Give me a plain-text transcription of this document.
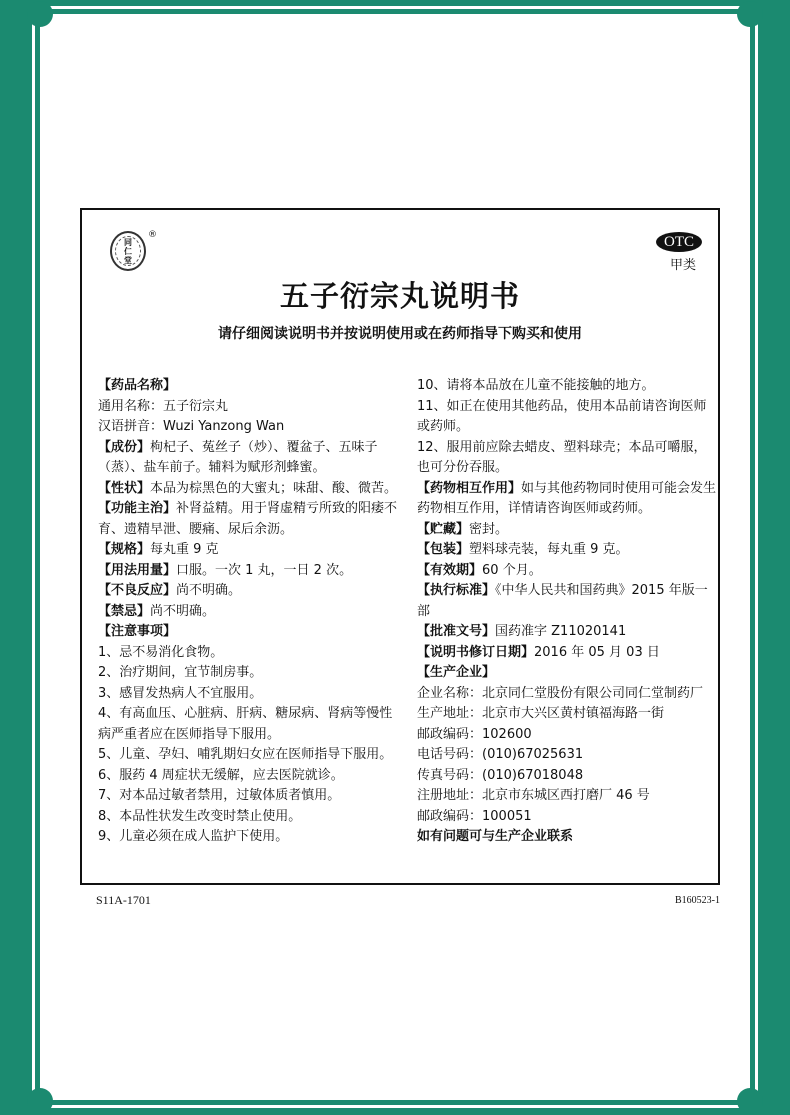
同
仁
堂
®	OTC
甲类
五子衍宗丸说明书
请仔细阅读说明书并按说明使用或在药师指导下购买和使用

【药品名称】

通用名称：五子衍宗丸

汉语拼音：Wuzi Yanzong Wan

【成份】枸杞子、菟丝子（炒）、覆盆子、五味子（蒸）、盐车前子。辅料为赋形剂蜂蜜。

【性状】本品为棕黑色的大蜜丸；味甜、酸、微苦。

【功能主治】补肾益精。用于肾虚精亏所致的阳痿不育、遗精早泄、腰痛、尿后余沥。

【规格】每丸重 9 克

【用法用量】口服。一次 1 丸，一日 2 次。

【不良反应】尚不明确。

【禁忌】尚不明确。

【注意事项】

1、忌不易消化食物。

2、治疗期间，宜节制房事。

3、感冒发热病人不宜服用。

4、有高血压、心脏病、肝病、糖尿病、肾病等慢性病严重者应在医师指导下服用。

5、儿童、孕妇、哺乳期妇女应在医师指导下服用。

6、服药 4 周症状无缓解，应去医院就诊。

7、对本品过敏者禁用，过敏体质者慎用。

8、本品性状发生改变时禁止使用。

9、儿童必须在成人监护下使用。

10、请将本品放在儿童不能接触的地方。

11、如正在使用其他药品，使用本品前请咨询医师或药师。

12、服用前应除去蜡皮、塑料球壳；本品可嚼服，也可分份吞服。

【药物相互作用】如与其他药物同时使用可能会发生药物相互作用，详情请咨询医师或药师。

【贮藏】密封。

【包装】塑料球壳装，每丸重 9 克。

【有效期】60 个月。

【执行标准】《中华人民共和国药典》2015 年版一部

【批准文号】国药准字 Z11020141

【说明书修订日期】2016 年 05 月 03 日

【生产企业】

企业名称：北京同仁堂股份有限公司同仁堂制药厂

生产地址：北京市大兴区黄村镇福海路一街

邮政编码：102600

电话号码：(010)67025631

传真号码：(010)67018048

注册地址：北京市东城区西打磨厂 46 号

邮政编码：100051

如有问题可与生产企业联系

S11A-1701	B160523-1
